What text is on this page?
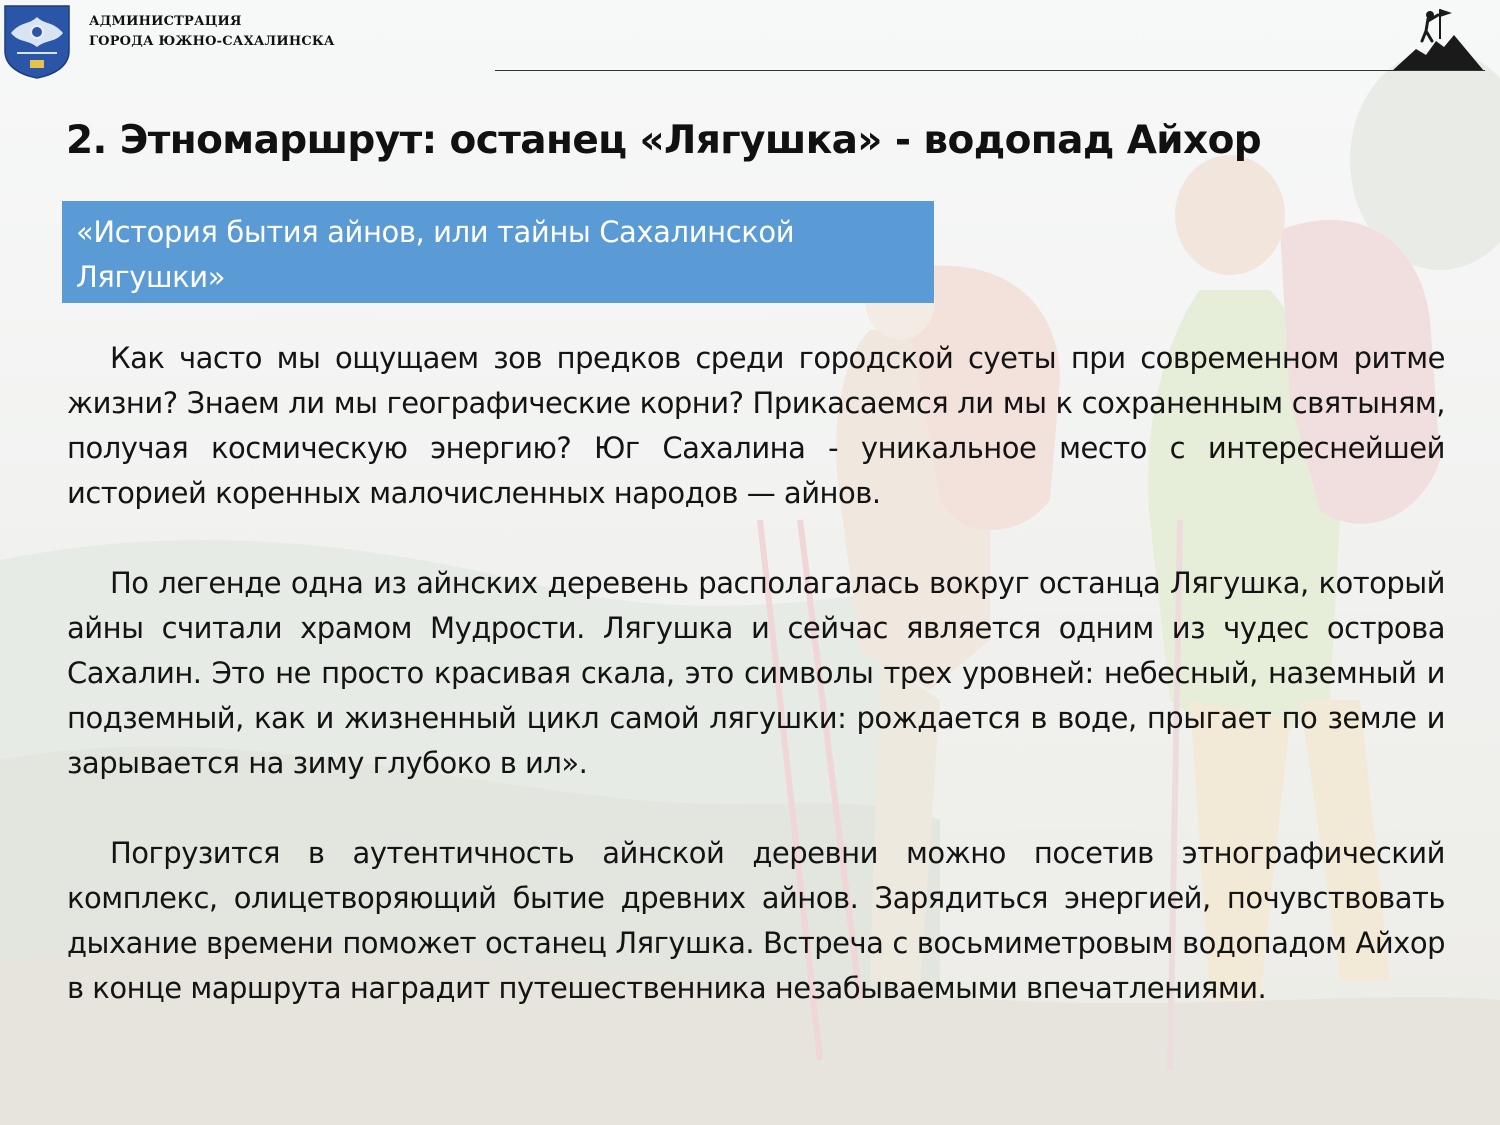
АДМИНИСТРАЦИЯ
ГОРОДА ЮЖНО-САХАЛИНСКА
2. Этномаршрут: останец «Лягушка» - водопад Айхор
«История бытия айнов, или тайны Сахалинской Лягушки»

Как часто мы ощущаем зов предков среди городской суеты при современном ритме жизни? Знаем ли мы географические корни? Прикасаемся ли мы к сохраненным святыням, получая космическую энергию? Юг Сахалина - уникальное место с интереснейшей историей коренных малочисленных народов — айнов.

По легенде одна из айнских деревень располагалась вокруг останца Лягушка, который айны считали храмом Мудрости. Лягушка и сейчас является одним из чудес острова Сахалин. Это не просто красивая скала, это символы трех уровней: небесный, наземный и подземный, как и жизненный цикл самой лягушки: рождается в воде, прыгает по земле и зарывается на зиму глубоко в ил».

Погрузится в аутентичность айнской деревни можно посетив этнографический комплекс, олицетворяющий бытие древних айнов. Зарядиться энергией, почувствовать дыхание времени поможет останец Лягушка. Встреча с восьмиметровым водопадом Айхор в конце маршрута наградит путешественника незабываемыми впечатлениями.
